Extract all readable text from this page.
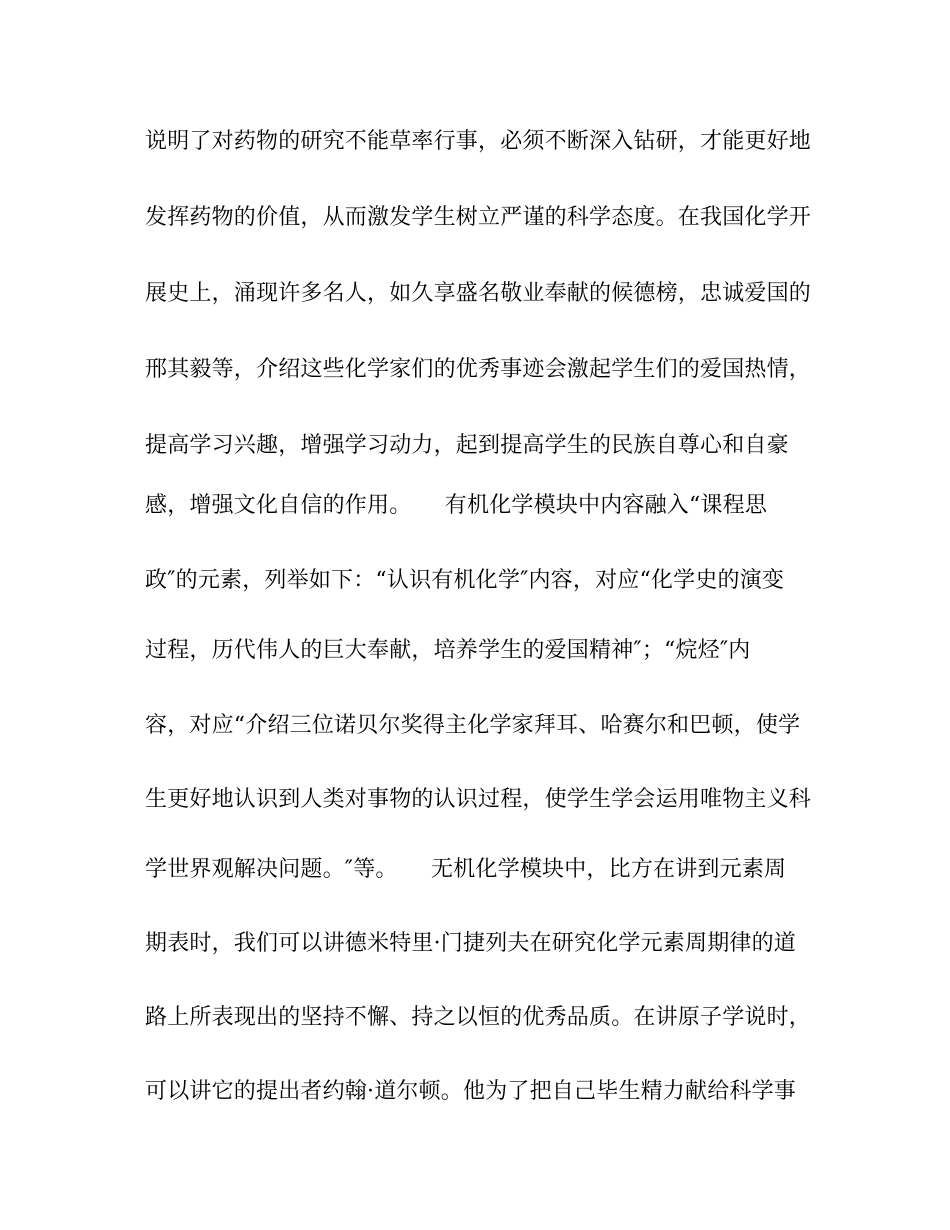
说明了对药物的研究不能草率行事，必须不断深入钻研，才能更好地
发挥药物的价值，从而激发学生树立严谨的科学态度。在我国化学开
展史上，涌现许多名人，如久享盛名敬业奉献的候德榜，忠诚爱国的
邢其毅等，介绍这些化学家们的优秀事迹会激起学生们的爱国热情，
提高学习兴趣，增强学习动力，起到提高学生的民族自尊心和自豪
感，增强文化自信的作用。　　有机化学模块中内容融入“课程思
政″的元素，列举如下：“认识有机化学″内容，对应“化学史的演变
过程，历代伟人的巨大奉献，培养学生的爱国精神″；“烷烃″内
容，对应“介绍三位诺贝尔奖得主化学家拜耳、哈赛尔和巴顿，使学
生更好地认识到人类对事物的认识过程，使学生学会运用唯物主义科
学世界观解决问题。″等。　　无机化学模块中，比方在讲到元素周
期表时，我们可以讲德米特里·门捷列夫在研究化学元素周期律的道
路上所表现出的坚持不懈、持之以恒的优秀品质。在讲原子学说时，
可以讲它的提出者约翰·道尔顿。他为了把自己毕生精力献给科学事
